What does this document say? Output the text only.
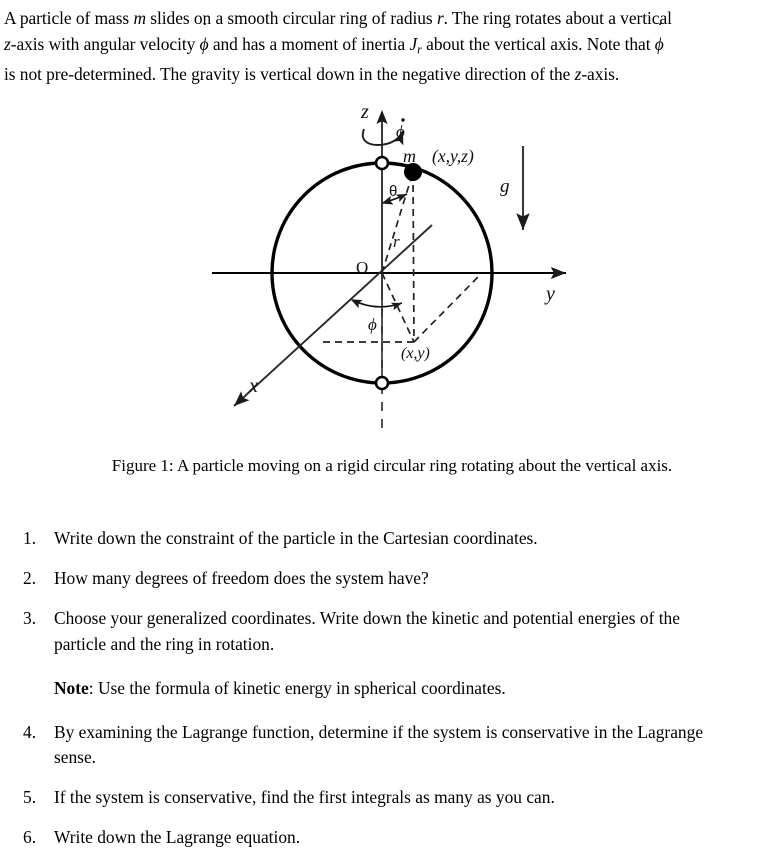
A particle of mass m slides on a smooth circular ring of radius r. The ring rotates about a vertical
z-axis with angular velocity ϕ ˙ and has a moment of inertia $J_r$ about the vertical axis. Note that ϕ ˙
is not pre-determined. The gravity is vertical down in the negative direction of the z-axis.
z
y
x
O
m (x,y,z)
(x,y)
r
θ
ϕ
ϕ
g
Figure 1: A particle moving on a rigid circular ring rotating about the vertical axis.
1.	Write down the constraint of the particle in the Cartesian coordinates.
2.	How many degrees of freedom does the system have?
3.	Choose your generalized coordinates. Write down the kinetic and potential energies of the
particle and the ring in rotation.
Note: Use the formula of kinetic energy in spherical coordinates.
4.	By examining the Lagrange function, determine if the system is conservative in the Lagrange
sense.
5.	If the system is conservative, find the first integrals as many as you can.
6.	Write down the Lagrange equation.
